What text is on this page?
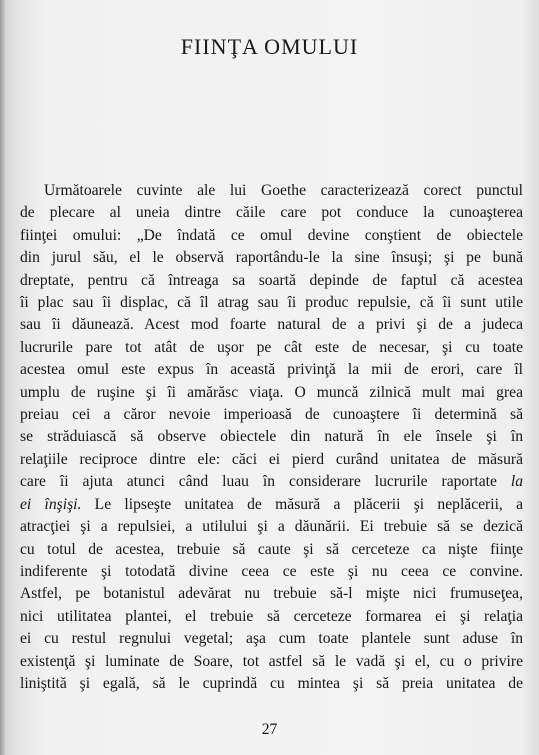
FIINŢA OMULUI
Următoarele cuvinte ale lui Goethe caracterizează corect punctul
de plecare al uneia dintre căile care pot conduce la cunoaşterea
fiinţei omului: „De îndată ce omul devine conştient de obiectele
din jurul său, el le observă raportându-le la sine însuşi; şi pe bună
dreptate, pentru că întreaga sa soartă depinde de faptul că acestea
îi plac sau îi displac, că îl atrag sau îi produc repulsie, că îi sunt utile
sau îi dăunează. Acest mod foarte natural de a privi şi de a judeca
lucrurile pare tot atât de uşor pe cât este de necesar, şi cu toate
acestea omul este expus în această privinţă la mii de erori, care îl
umplu de ruşine şi îi amărăsc viaţa. O muncă zilnică mult mai grea
preiau cei a căror nevoie imperioasă de cunoaştere îi determină să
se străduiască să observe obiectele din natură în ele însele şi în
relaţiile reciproce dintre ele: căci ei pierd curând unitatea de măsură
care îi ajuta atunci când luau în considerare lucrurile raportate la
ei înşişi. Le lipseşte unitatea de măsură a plăcerii şi neplăcerii, a
atracţiei şi a repulsiei, a utilului şi a dăunării. Ei trebuie să se dezică
cu totul de acestea, trebuie să caute şi să cerceteze ca nişte fiinţe
indiferente şi totodată divine ceea ce este şi nu ceea ce convine.
Astfel, pe botanistul adevărat nu trebuie să-l mişte nici frumuseţea,
nici utilitatea plantei, el trebuie să cerceteze formarea ei şi relaţia
ei cu restul regnului vegetal; aşa cum toate plantele sunt aduse în
existenţă şi luminate de Soare, tot astfel să le vadă şi el, cu o privire
liniştită şi egală, să le cuprindă cu mintea şi să preia unitatea de
27
